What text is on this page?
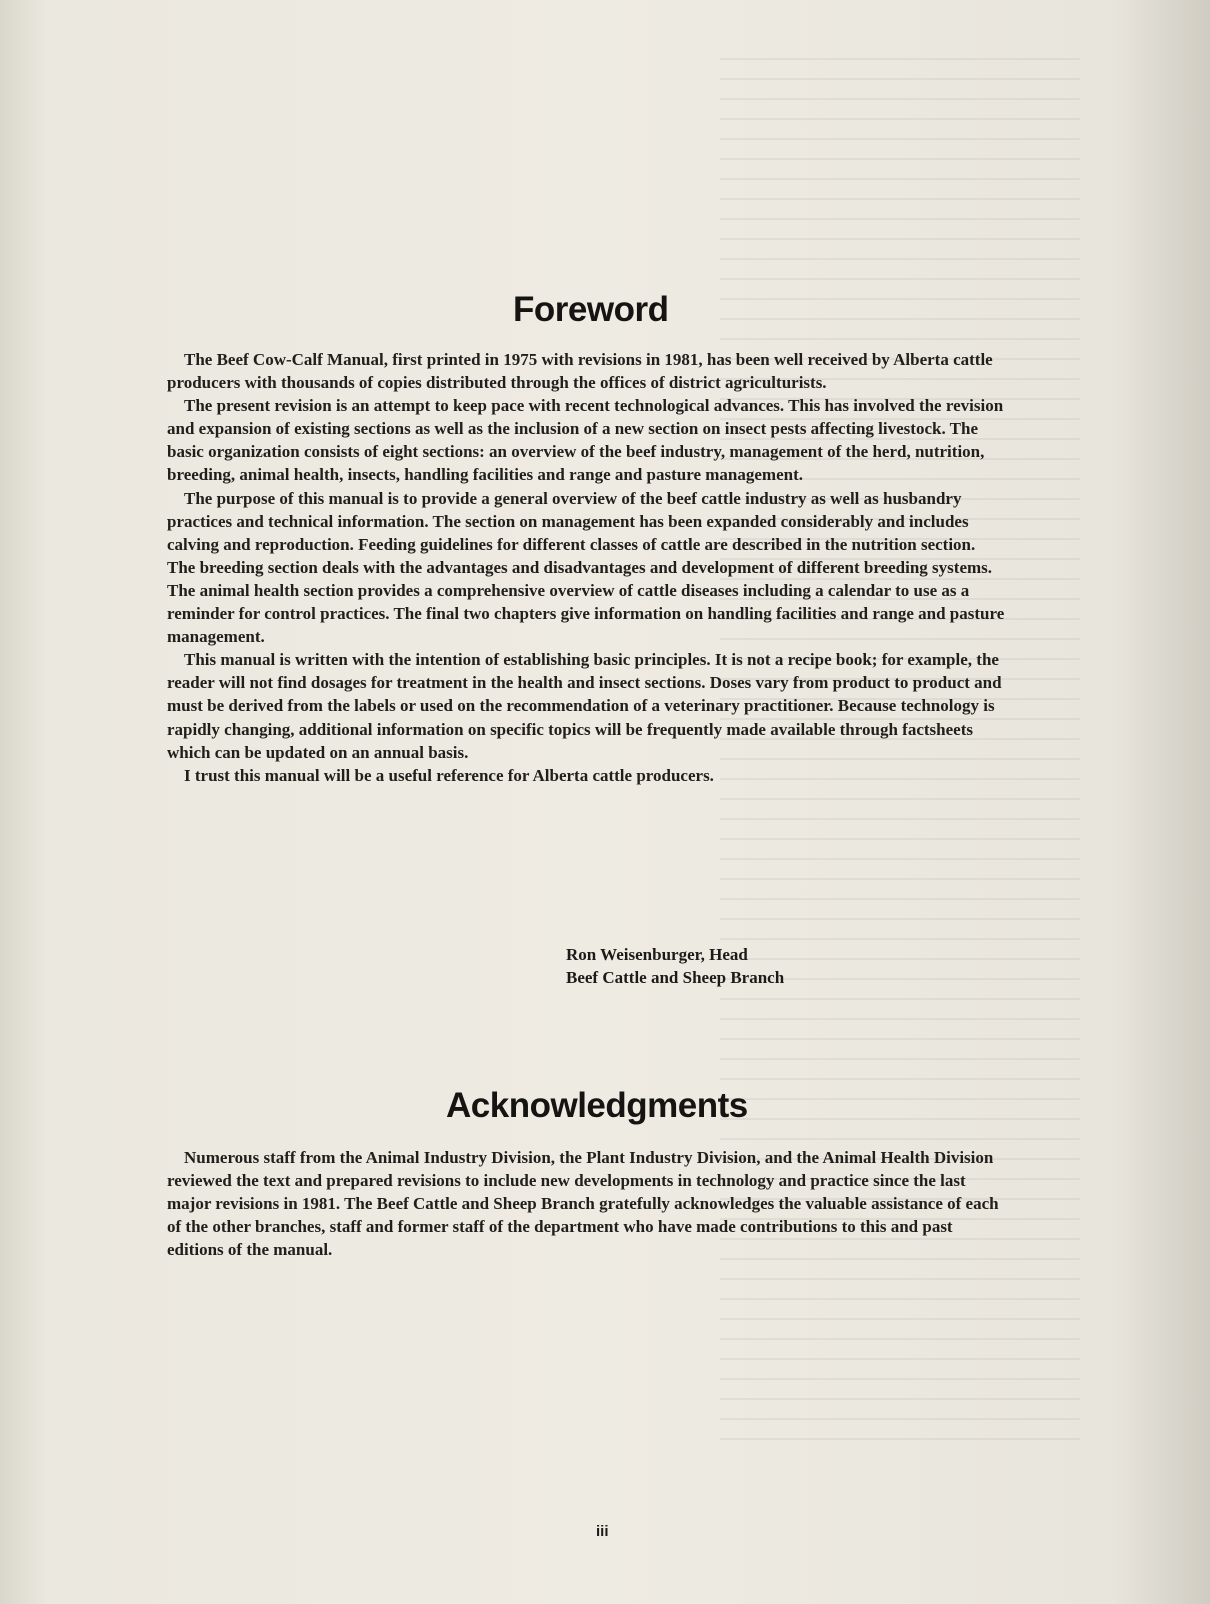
Foreword

The Beef Cow-Calf Manual, first printed in 1975 with revisions in 1981, has been well received by Alberta cattle producers with thousands of copies distributed through the offices of district agriculturists.

The present revision is an attempt to keep pace with recent technological advances. This has involved the revision and expansion of existing sections as well as the inclusion of a new section on insect pests affecting livestock. The basic organization consists of eight sections: an overview of the beef industry, management of the herd, nutrition, breeding, animal health, insects, handling facilities and range and pasture management.

The purpose of this manual is to provide a general overview of the beef cattle industry as well as husbandry practices and technical information. The section on management has been expanded considerably and includes calving and reproduction. Feeding guidelines for different classes of cattle are described in the nutrition section. The breeding section deals with the advantages and disadvantages and development of different breeding systems. The animal health section provides a comprehensive overview of cattle diseases including a calendar to use as a reminder for control practices. The final two chapters give information on handling facilities and range and pasture management.

This manual is written with the intention of establishing basic principles. It is not a recipe book; for example, the reader will not find dosages for treatment in the health and insect sections. Doses vary from product to product and must be derived from the labels or used on the recommendation of a veterinary practitioner. Because technology is rapidly changing, additional information on specific topics will be frequently made available through factsheets which can be updated on an annual basis.

I trust this manual will be a useful reference for Alberta cattle producers.

Ron Weisenburger, Head
Beef Cattle and Sheep Branch
Acknowledgments

Numerous staff from the Animal Industry Division, the Plant Industry Division, and the Animal Health Division reviewed the text and prepared revisions to include new developments in technology and practice since the last major revisions in 1981. The Beef Cattle and Sheep Branch gratefully acknowledges the valuable assistance of each of the other branches, staff and former staff of the department who have made contributions to this and past editions of the manual.

iii
